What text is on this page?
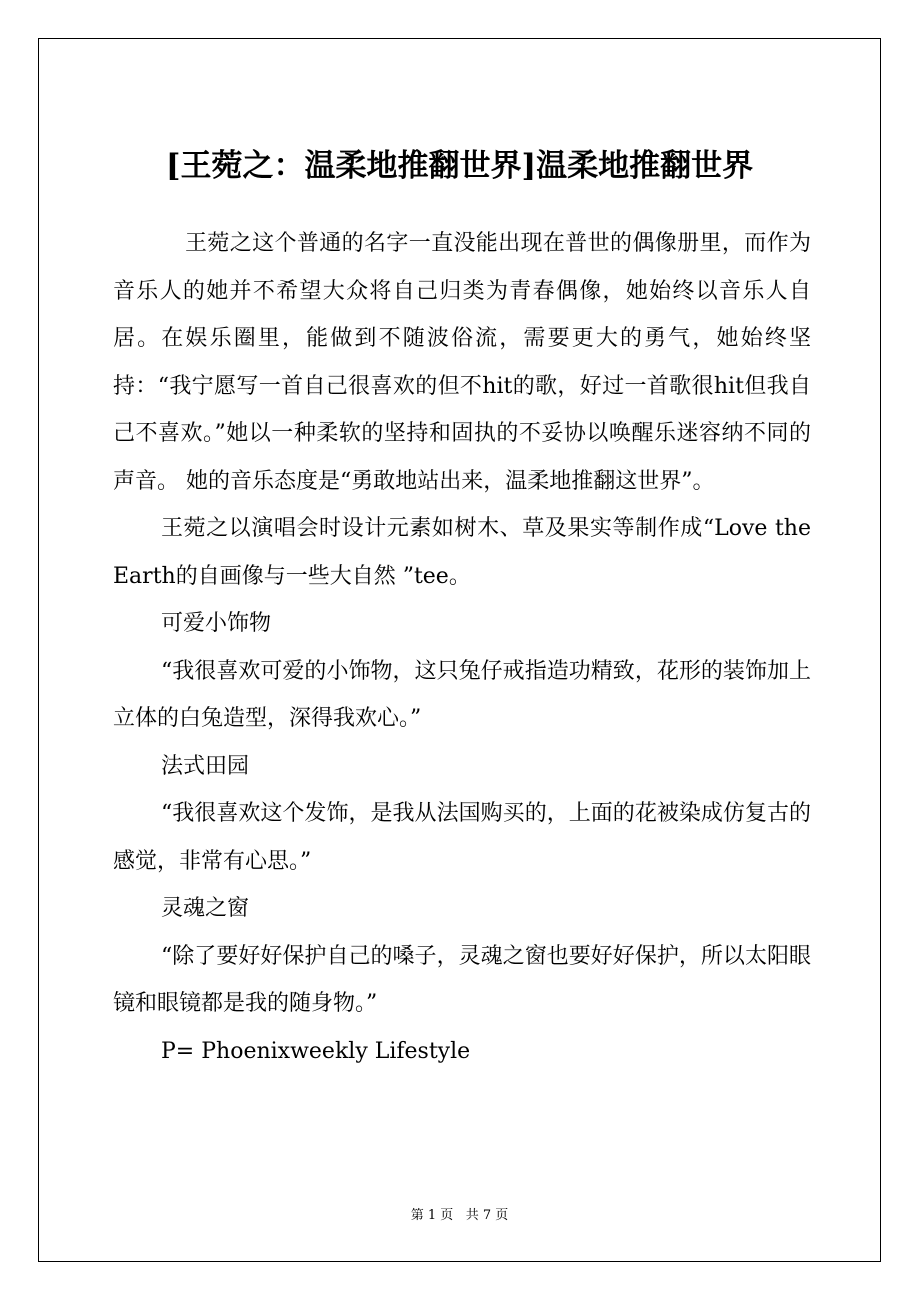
[王菀之：温柔地推翻世界]温柔地推翻世界

王菀之这个普通的名字一直没能出现在普世的偶像册里，而作为音乐人的她并不希望大众将自己归类为青春偶像，她始终以音乐人自居。在娱乐圈里，能做到不随波俗流，需要更大的勇气，她始终坚持：“我宁愿写一首自己很喜欢的但不hit的歌，好过一首歌很hit但我自己不喜欢。”她以一种柔软的坚持和固执的不妥协以唤醒乐迷容纳不同的声音。 她的音乐态度是“勇敢地站出来，温柔地推翻这世界”。

王菀之以演唱会时设计元素如树木、草及果实等制作成“Love the Earth的自画像与一些大自然 ”tee。

可爱小饰物

“我很喜欢可爱的小饰物，这只兔仔戒指造功精致，花形的装饰加上立体的白兔造型，深得我欢心。”

法式田园

“我很喜欢这个发饰，是我从法国购买的，上面的花被染成仿复古的感觉，非常有心思。”

灵魂之窗

“除了要好好保护自己的嗓子，灵魂之窗也要好好保护，所以太阳眼镜和眼镜都是我的随身物。”

P= Phoenixweekly Lifestyle

第 1 页   共 7 页
